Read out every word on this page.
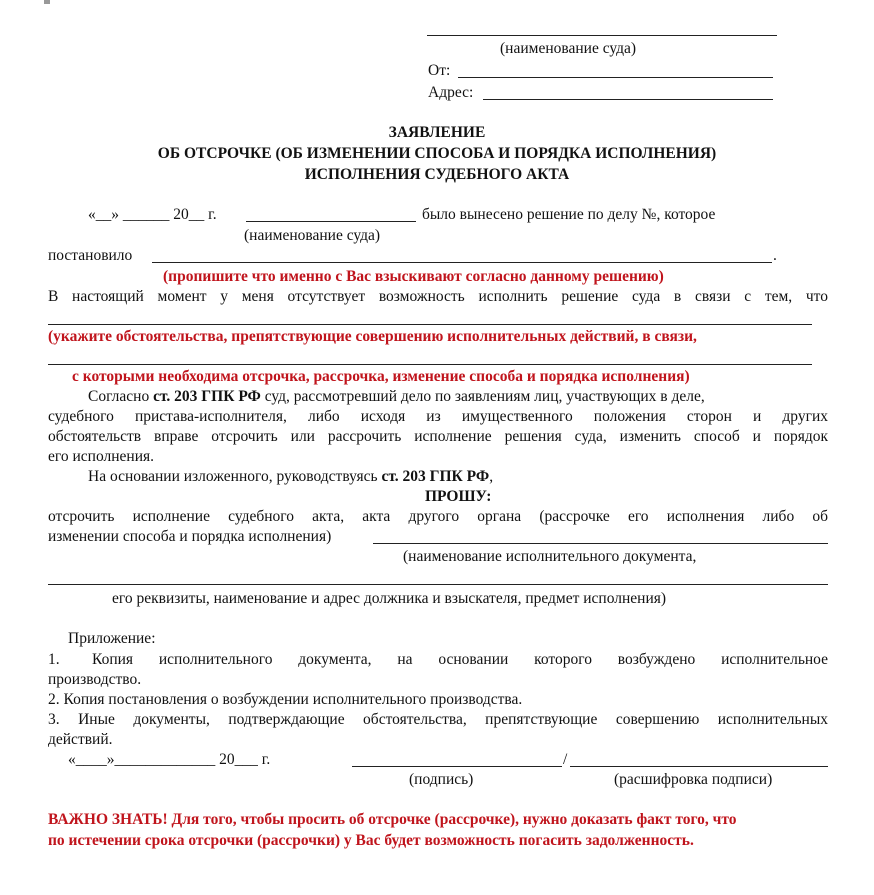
(наименование суда)
От:
Адрес:
ЗАЯВЛЕНИЕ
ОБ ОТСРОЧКЕ (ОБ ИЗМЕНЕНИИ СПОСОБА И ПОРЯДКА ИСПОЛНЕНИЯ)
ИСПОЛНЕНИЯ СУДЕБНОГО АКТА
«__» ______ 20__ г.	было вынесено решение по делу №, которое
(наименование суда)
постановило	.
(пропишите что именно с Вас взыскивают согласно данному решению)
В настоящий момент у меня отсутствует возможность исполнить решение суда в связи с тем, что
(укажите обстоятельства, препятствующие совершению исполнительных действий, в связи,
с которыми необходима отсрочка, рассрочка, изменение способа и порядка исполнения)
Согласно ст. 203 ГПК РФ суд, рассмотревший дело по заявлениям лиц, участвующих в деле,
судебного пристава-исполнителя, либо исходя из имущественного положения сторон и других
обстоятельств вправе отсрочить или рассрочить исполнение решения суда, изменить способ и порядок
его исполнения.
На основании изложенного, руководствуясь ст. 203 ГПК РФ,
ПРОШУ:
отсрочить исполнение судебного акта, акта другого органа (рассрочке его исполнения либо об
изменении способа и порядка исполнения)
(наименование исполнительного документа,
его реквизиты, наименование и адрес должника и взыскателя, предмет исполнения)
Приложение:
1. Копия исполнительного документа, на основании которого возбуждено исполнительное
производство.
2. Копия постановления о возбуждении исполнительного производства.
3. Иные документы, подтверждающие обстоятельства, препятствующие совершению исполнительных
действий.
«____»_____________ 20___ г.	/
(подпись)	(расшифровка подписи)
ВАЖНО ЗНАТЬ! Для того, чтобы просить об отсрочке (рассрочке), нужно доказать факт того, что
по истечении срока отсрочки (рассрочки) у Вас будет возможность погасить задолженность.
